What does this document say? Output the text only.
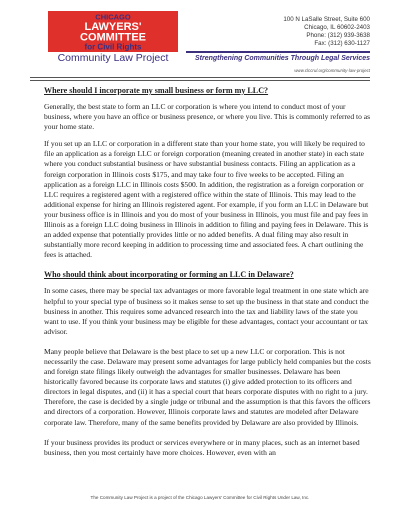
CHICAGO
LAWYERS'
COMMITTEE
for Civil Rights
Community Law Project
100 N LaSalle Street, Suite 600
Chicago, IL 60602-2403
Phone: (312) 939-3638
Fax: (312) 630-1127
Strengthening Communities Through Legal Services
www.clccrul.org/community-law-project
Where should I incorporate my small business or form my LLC?

Generally, the best state to form an LLC or corporation is where you intend to conduct most of your business, where you have an office or business presence, or where you live. This is commonly referred to as your home state.

If you set up an LLC or corporation in a different state than your home state, you will likely be required to file an application as a foreign LLC or foreign corporation (meaning created in another state) in each state where you conduct substantial business or have substantial business contacts. Filing an application as a foreign corporation in Illinois costs $175, and may take four to five weeks to be accepted. Filing an application as a foreign LLC in Illinois costs $500. In addition, the registration as a foreign corporation or LLC requires a registered agent with a registered office within the state of Illinois. This may lead to the additional expense for hiring an Illinois registered agent. For example, if you form an LLC in Delaware but your business office is in Illinois and you do most of your business in Illinois, you must file and pay fees in Illinois as a foreign LLC doing business in Illinois in addition to filing and paying fees in Delaware. This is an added expense that potentially provides little or no added benefits. A dual filing may also result in substantially more record keeping in addition to processing time and associated fees. A chart outlining the fees is attached.

Who should think about incorporating or forming an LLC in Delaware?

In some cases, there may be special tax advantages or more favorable legal treatment in one state which are helpful to your special type of business so it makes sense to set up the business in that state and conduct the business in another. This requires some advanced research into the tax and liability laws of the state you want to use. If you think your business may be eligible for these advantages, contact your accountant or tax advisor.

Many people believe that Delaware is the best place to set up a new LLC or corporation. This is not necessarily the case. Delaware may present some advantages for large publicly held companies but the costs and foreign state filings likely outweigh the advantages for smaller businesses. Delaware has been historically favored because its corporate laws and statutes (i) give added protection to its officers and directors in legal disputes, and (ii) it has a special court that hears corporate disputes with no right to a jury. Therefore, the case is decided by a single judge or tribunal and the assumption is that this favors the officers and directors of a corporation. However, Illinois corporate laws and statutes are modeled after Delaware corporate law. Therefore, many of the same benefits provided by Delaware are also provided by Illinois.

If your business provides its product or services everywhere or in many places, such as an internet based business, then you most certainly have more choices. However, even with an

The Community Law Project is a project of the Chicago Lawyers' Committee for Civil Rights Under Law, Inc.
